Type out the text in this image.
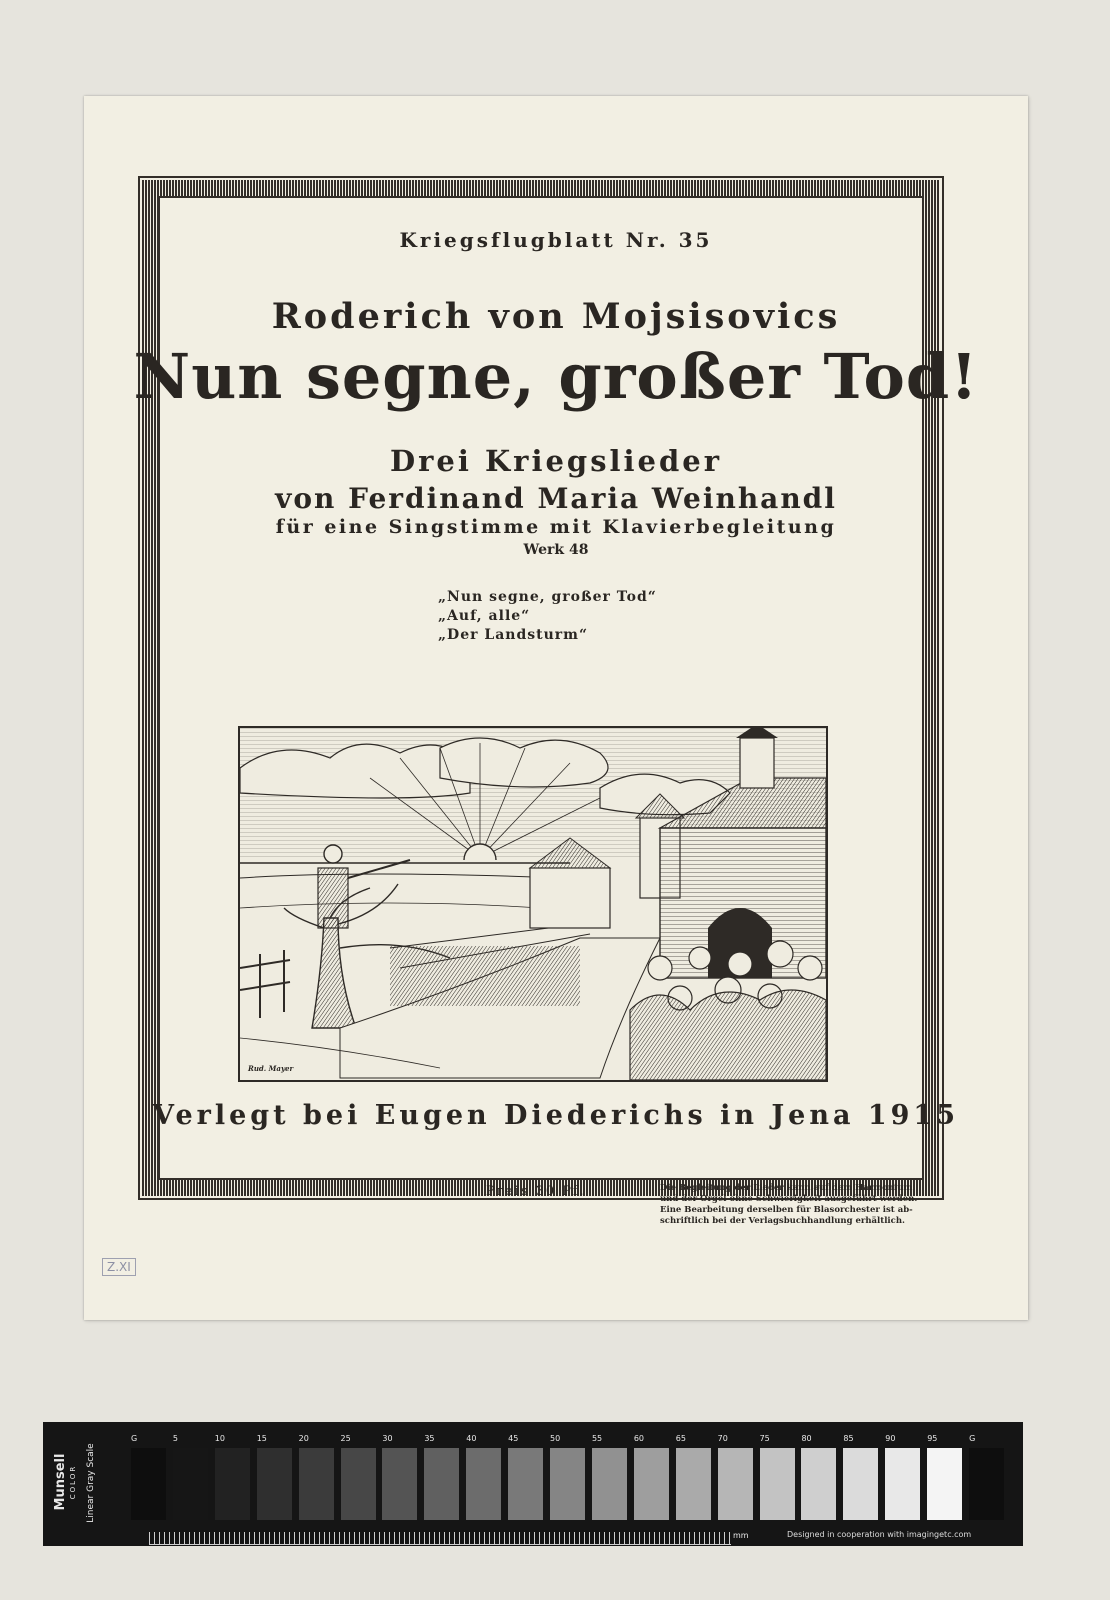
Kriegsflugblatt Nr. 35
Roderich von Mojsisovics
Nun segne, großer Tod!
Drei Kriegslieder
von Ferdinand Maria Weinhandl
für eine Singstimme mit Klavierbegleitung
Werk 48
„Nun segne, großer Tod“
„Auf, alle“
„Der Landsturm“
Rud. Mayer
Verlegt bei Eugen Diederichs in Jena 1915
Preis 30 Pf.	Die Begleitung der Lieder kann auf dem Harmonium
und der Orgel ohne Schwierigkeit ausgeführt werden.
Eine Bearbeitung derselben für Blasorchester ist ab-
schriftlich bei der Verlagsbuchhandlung erhältlich.
Z.XI
Munsell COLOR Linear Gray Scale
G	5	10	15	20	25	30	35	40	45	50	55	60	65	70	75	80	85	90	95	G
mm	Designed in cooperation with imagingetc.com
